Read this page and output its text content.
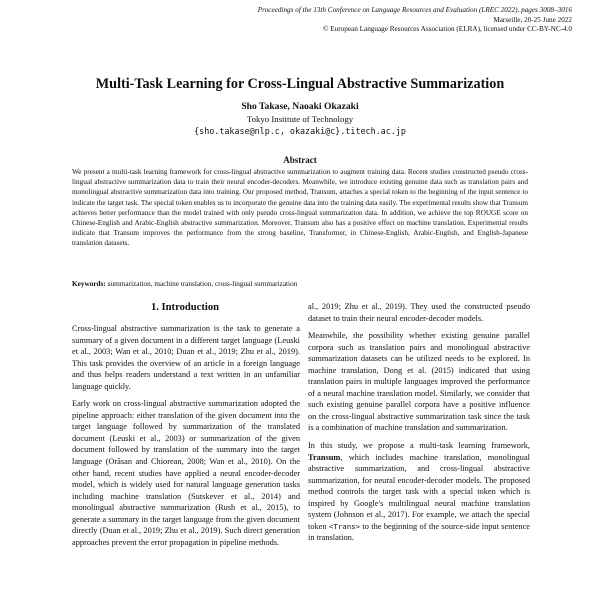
Proceedings of the 13th Conference on Language Resources and Evaluation (LREC 2022), pages 3008–3016
Marseille, 20-25 June 2022
© European Language Resources Association (ELRA), licensed under CC-BY-NC-4.0
Multi-Task Learning for Cross-Lingual Abstractive Summarization
Sho Takase, Naoaki Okazaki
Tokyo Institute of Technology
{sho.takase@nlp.c, okazaki@c}.titech.ac.jp
Abstract
We present a multi-task learning framework for cross-lingual abstractive summarization to augment training data. Recent studies constructed pseudo cross-lingual abstractive summarization data to train their neural encoder-decoders. Meanwhile, we introduce existing genuine data such as translation pairs and monolingual abstractive summarization data into training. Our proposed method, Transum, attaches a special token to the beginning of the input sentence to indicate the target task. The special token enables us to incorporate the genuine data into the training data easily. The experimental results show that Transum achieves better performance than the model trained with only pseudo cross-lingual summarization data. In addition, we achieve the top ROUGE score on Chinese-English and Arabic-English abstractive summarization. Moreover, Transum also has a positive effect on machine translation. Experimental results indicate that Transum improves the performance from the strong baseline, Transformer, in Chinese-English, Arabic-English, and English-Japanese translation datasets.
Keywords: summarization, machine translation, cross-lingual summarization
1. Introduction

Cross-lingual abstractive summarization is the task to generate a summary of a given document in a different target language (Leuski et al., 2003; Wan et al., 2010; Duan et al., 2019; Zhu et al., 2019). This task provides the overview of an article in a foreign language and thus helps readers understand a text written in an unfamiliar language quickly.

Early work on cross-lingual abstractive summarization adopted the pipeline approach: either translation of the given document into the target language followed by summarization of the translated document (Leuski et al., 2003) or summarization of the given document followed by translation of the summary into the target language (Orăsan and Chiorean, 2008; Wan et al., 2010). On the other hand, recent studies have applied a neural encoder-decoder model, which is widely used for natural language generation tasks including machine translation (Sutskever et al., 2014) and monolingual abstractive summarization (Rush et al., 2015), to generate a summary in the target language from the given document directly (Duan et al., 2019; Zhu et al., 2019). Such direct generation approaches prevent the error propagation in pipeline methods.

al., 2019; Zhu et al., 2019). They used the constructed pseudo dataset to train their neural encoder-decoder models.

Meanwhile, the possibility whether existing genuine parallel corpora such as translation pairs and monolingual abstractive summarization datasets can be utilized needs to be explored. In machine translation, Dong et al. (2015) indicated that using translation pairs in multiple languages improved the performance of a neural machine translation model. Similarly, we consider that such existing genuine parallel corpora have a positive influence on the cross-lingual abstractive summarization task since the task is a combination of machine translation and summarization.

In this study, we propose a multi-task learning framework, Transum, which includes machine translation, monolingual abstractive summarization, and cross-lingual abstractive summarization, for neural encoder-decoder models. The proposed method controls the target task with a special token which is inspired by Google's multilingual neural machine translation system (Johnson et al., 2017). For example, we attach the special token <Trans> to the beginning of the source-side input sentence in translation.
